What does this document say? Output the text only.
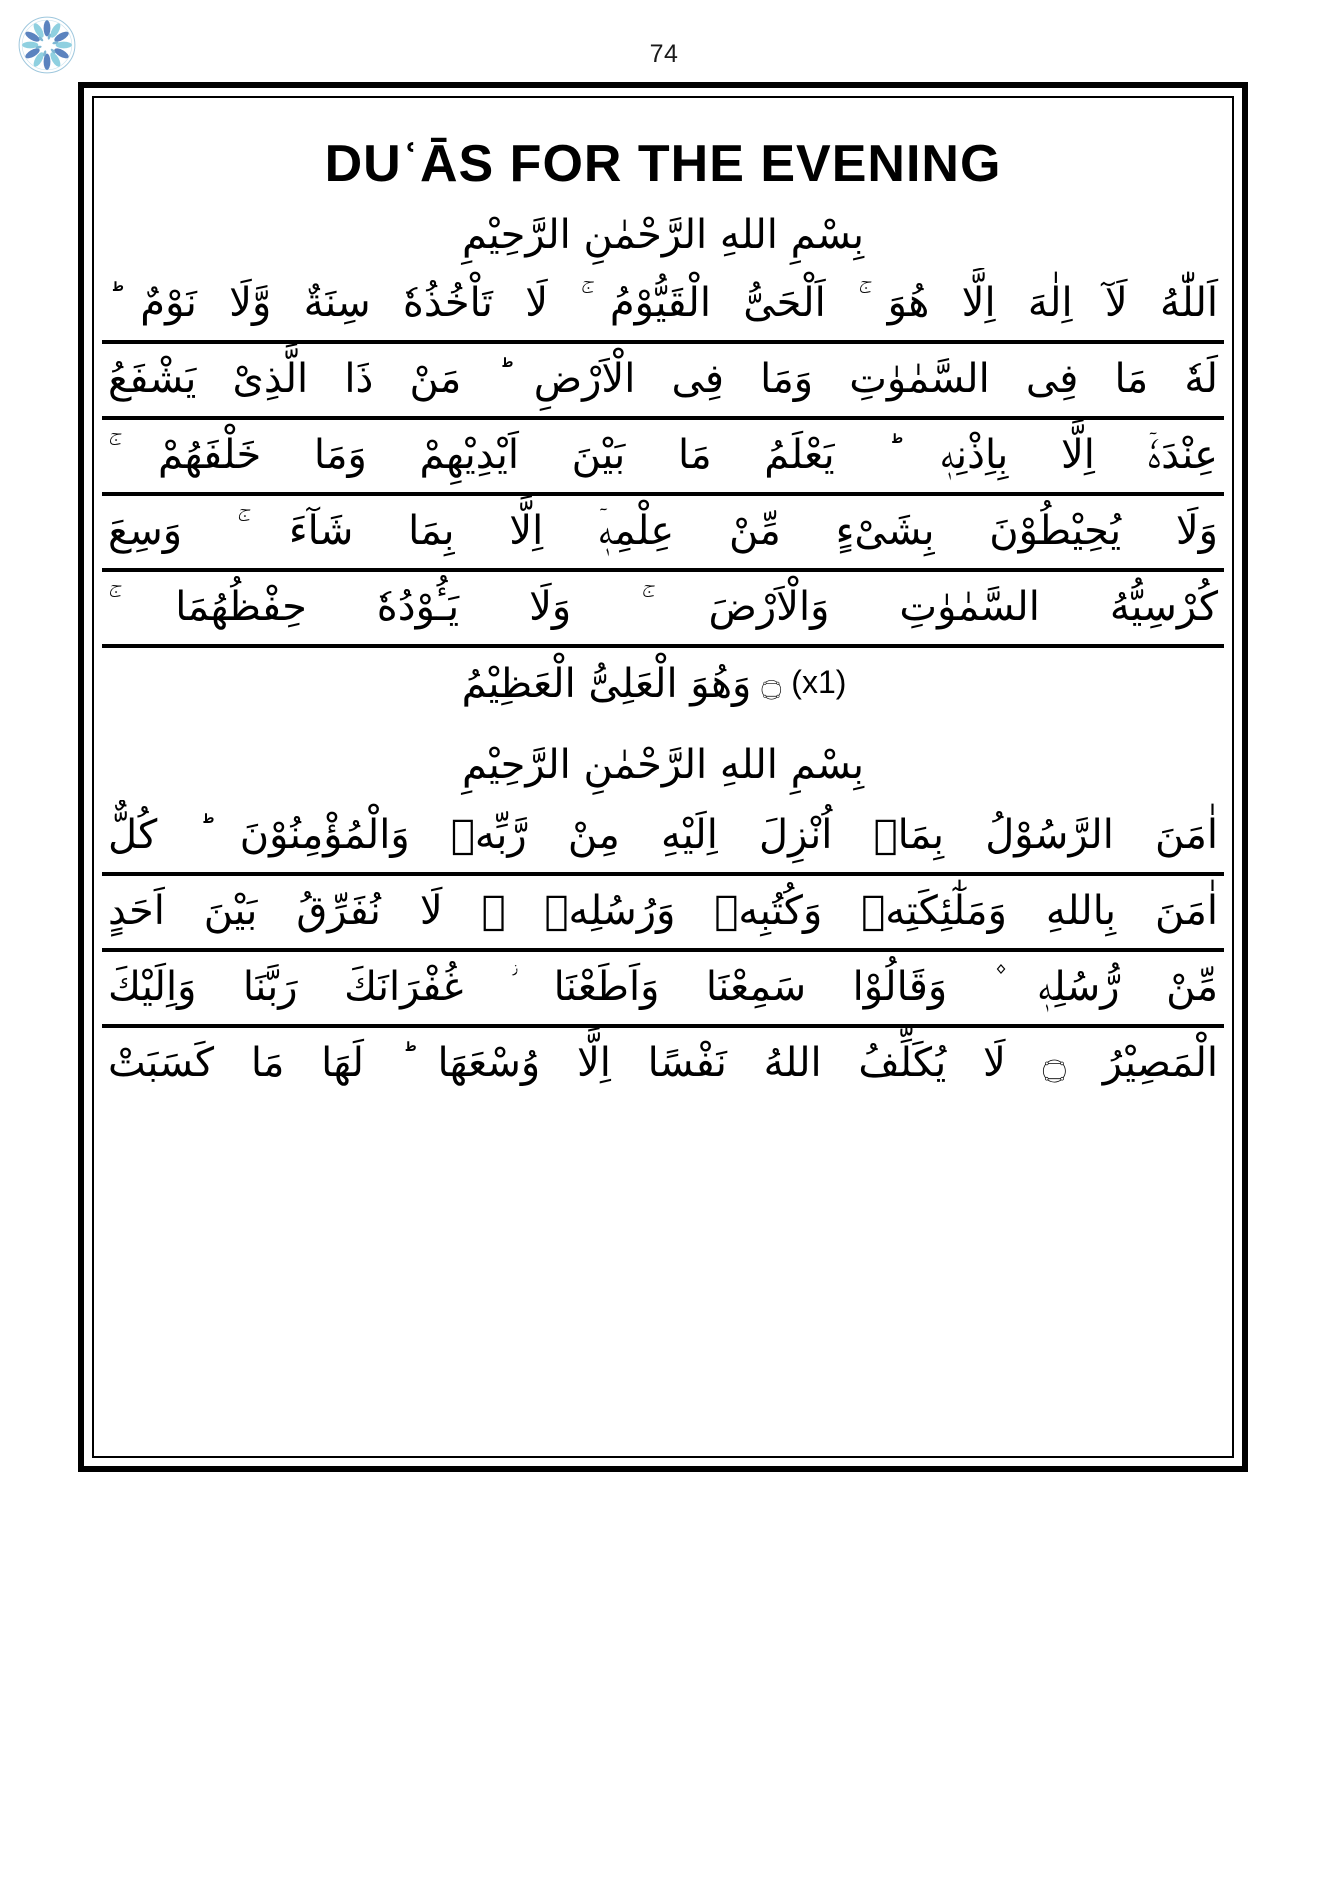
74
DUʿĀS FOR THE EVENING
بِسْمِ اللهِ الرَّحْمٰنِ الرَّحِيْمِ
اَللّٰهُ لَآ اِلٰهَ اِلَّا هُوَ ۚ اَلْحَىُّ الْقَيُّوْمُ ۚ لَا تَاْخُذُهٗ سِنَةٌ وَّلَا نَوْمٌ ؕ
لَهٗ مَا فِى السَّمٰوٰتِ وَمَا فِى الْاَرْضِ ؕ مَنْ ذَا الَّذِىْ يَشْفَعُ
عِنْدَهٗۤ اِلَّا بِاِذْنِهٖ ؕ يَعْلَمُ مَا بَيْنَ اَيْدِيْهِمْ وَمَا خَلْفَهُمْ ۚ
وَلَا يُحِيْطُوْنَ بِشَىْءٍ مِّنْ عِلْمِهٖۤ اِلَّا بِمَا شَآءَ ۚ وَسِعَ
كُرْسِيُّهُ السَّمٰوٰتِ وَالْاَرْضَ ۚ وَلَا يَـُٔوْدُهٗ حِفْظُهُمَا ۚ
(x1)۝وَهُوَ الْعَلِىُّ الْعَظِيْمُ
بِسْمِ اللهِ الرَّحْمٰنِ الرَّحِيْمِ
اٰمَنَ الرَّسُوْلُ بِمَاۤ اُنْزِلَ اِلَيْهِ مِنْ رَّبِّهٖ وَالْمُؤْمِنُوْنَ ؕ كُلٌّ
اٰمَنَ بِاللهِ وَمَلٰٓئِكَتِهٖ وَكُتُبِهٖ وَرُسُلِهٖ ۫ لَا نُفَرِّقُ بَيْنَ اَحَدٍ
مِّنْ رُّسُلِهٖ ۫ وَقَالُوْا سَمِعْنَا وَاَطَعْنَا ؗ غُفْرَانَكَ رَبَّنَا وَاِلَيْكَ
الْمَصِيْرُ ۝ لَا يُكَلِّفُ اللهُ نَفْسًا اِلَّا وُسْعَهَا ؕ لَهَا مَا كَسَبَتْ
